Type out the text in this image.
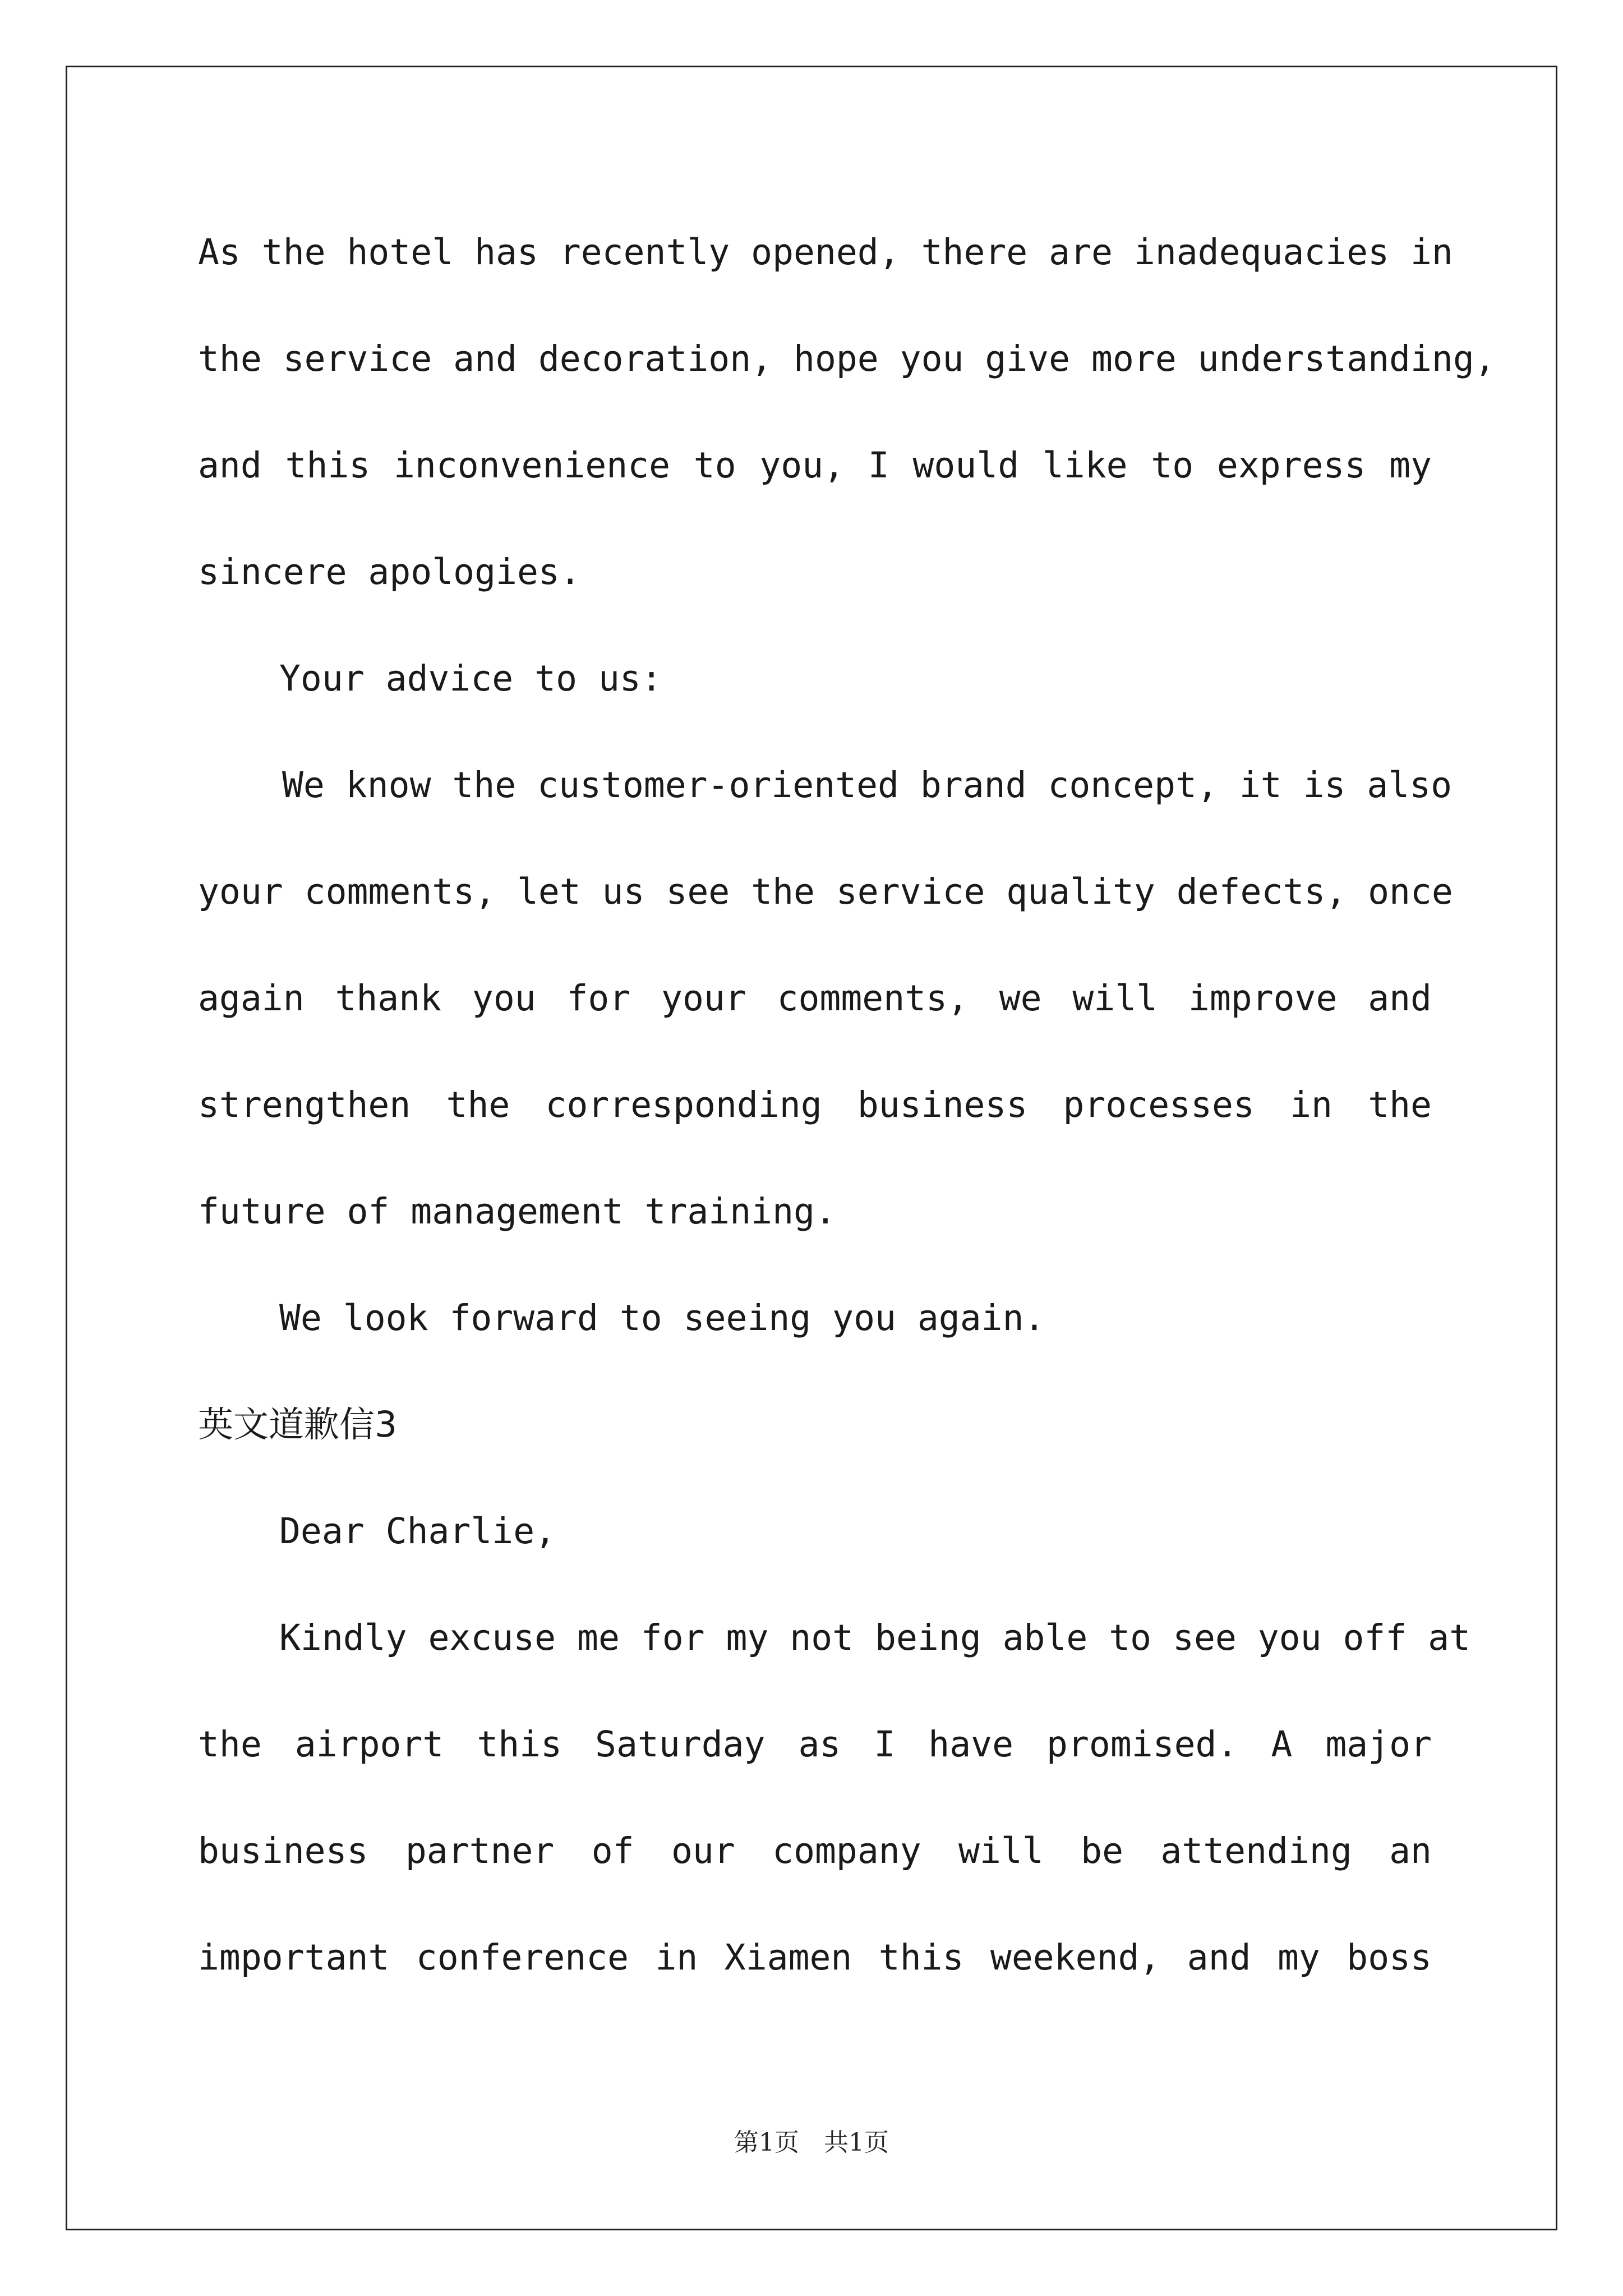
As the hotel has recently opened, there are inadequacies in
the service and decoration, hope you give more understanding,
and this inconvenience to you, I would like to express my
sincere apologies.
Your advice to us:
We know the customer-oriented brand concept, it is also
your comments, let us see the service quality defects, once
again thank you for your comments, we will improve and
strengthen the corresponding business processes in the
future of management training.
We look forward to seeing you again.
英文道歉信3
Dear Charlie,
Kindly excuse me for my not being able to see you off at
the airport this Saturday as I have promised. A major
business partner of our company will be attending an
important conference in Xiamen this weekend, and my boss
第1页　共1页
